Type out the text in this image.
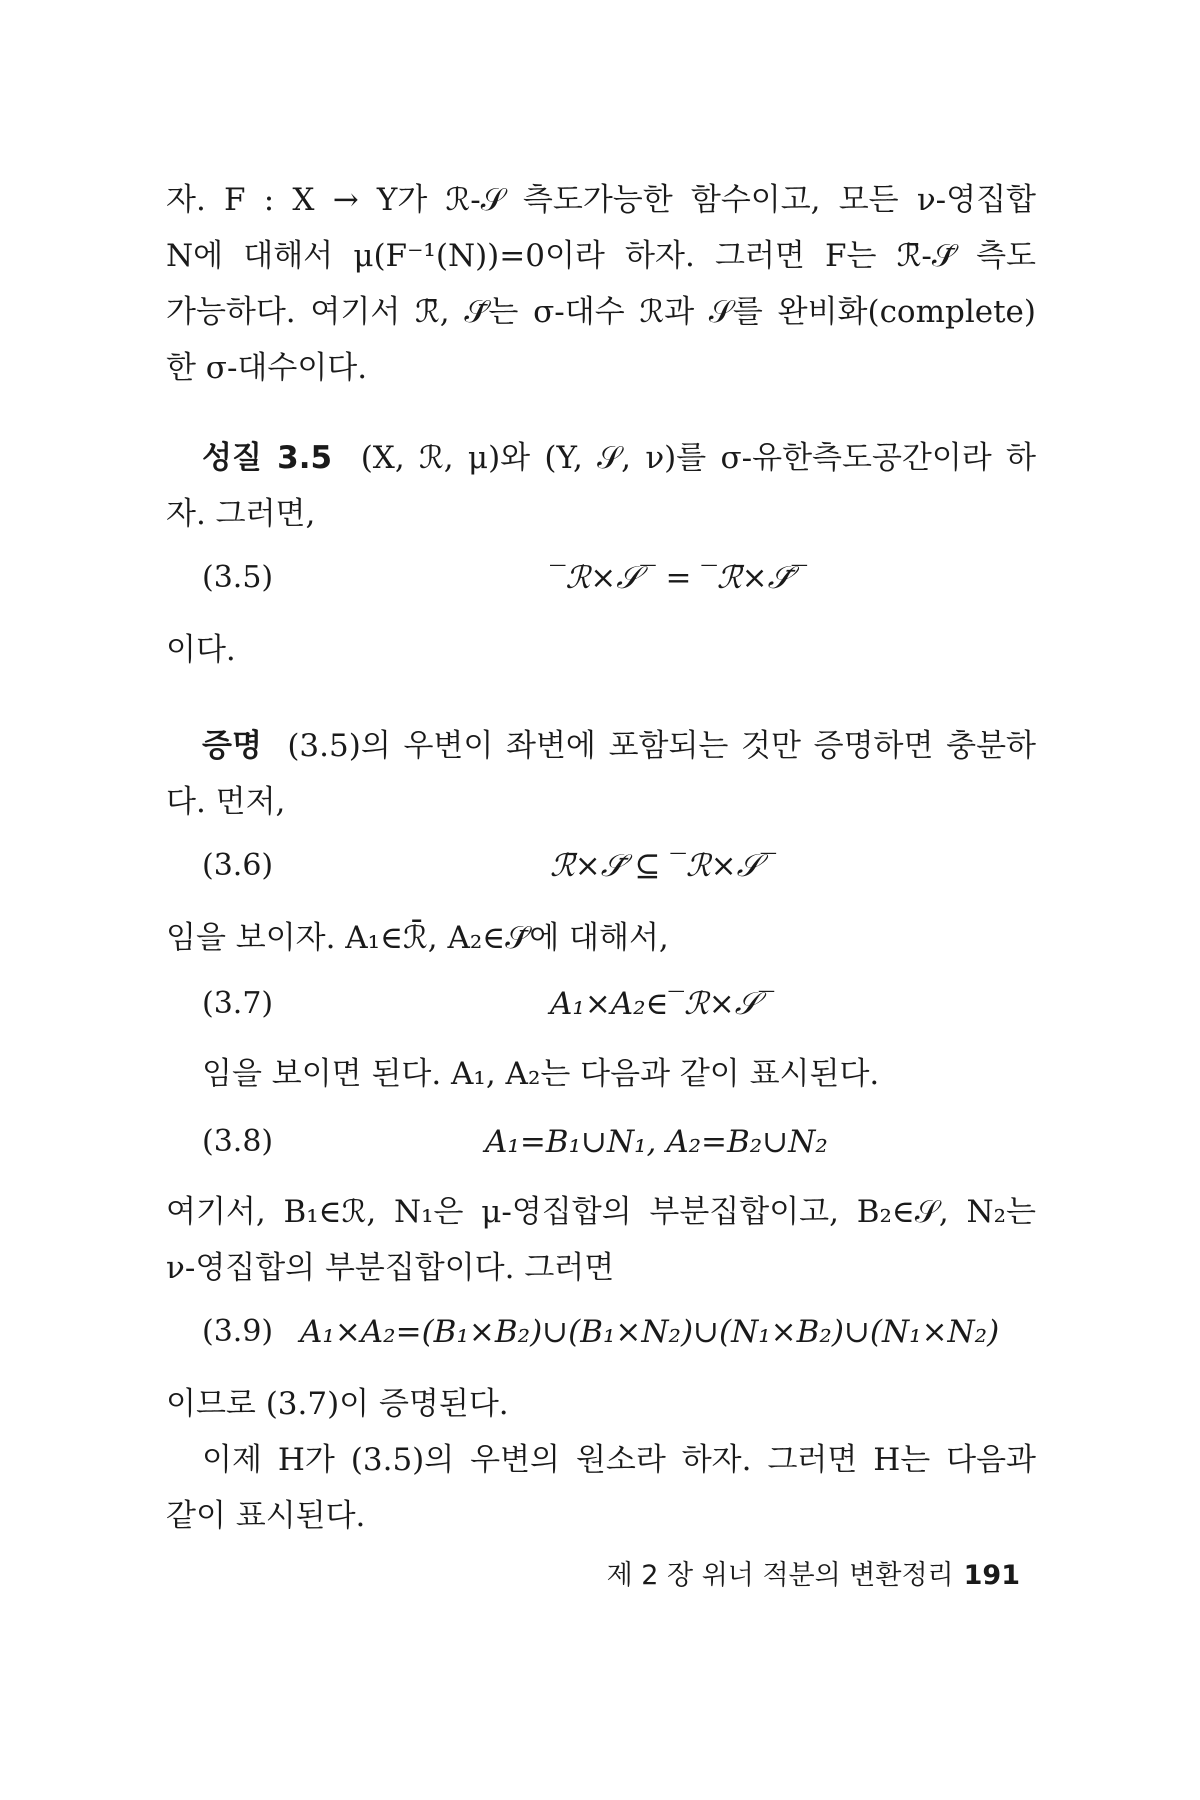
자. F : X → Y가 ℛ-𝒮 측도가능한 함수이고, 모든 ν-영집합
N에 대해서 μ(F⁻¹(N))=0이라 하자. 그러면 F는 ℛ̄-𝒮̄ 측도
가능하다. 여기서 ℛ̄, 𝒮̄는 σ-대수 ℛ과 𝒮를 완비화(complete)
한 σ-대수이다.
성질 3.5 (X, ℛ, μ)와 (Y, 𝒮, ν)를 σ-유한측도공간이라 하
자. 그러면,
(3.5)	‾ℛ×𝒮‾ = ‾ℛ̄×𝒮̄‾
이다.
증명 (3.5)의 우변이 좌변에 포함되는 것만 증명하면 충분하
다. 먼저,
(3.6)	ℛ̄×𝒮̄ ⊆ ‾ℛ×𝒮‾
임을 보이자. A₁∈ℛ̄, A₂∈𝒮̄에 대해서,
(3.7)	A₁×A₂∈‾ℛ×𝒮‾
임을 보이면 된다. A₁, A₂는 다음과 같이 표시된다.
(3.8)	A₁=B₁∪N₁, A₂=B₂∪N₂
여기서, B₁∈ℛ, N₁은 μ-영집합의 부분집합이고, B₂∈𝒮, N₂는
ν-영집합의 부분집합이다. 그러면
(3.9) A₁×A₂=(B₁×B₂)∪(B₁×N₂)∪(N₁×B₂)∪(N₁×N₂)
이므로 (3.7)이 증명된다.
이제 H가 (3.5)의 우변의 원소라 하자. 그러면 H는 다음과
같이 표시된다.
제 2 장 위너 적분의 변환정리 191
